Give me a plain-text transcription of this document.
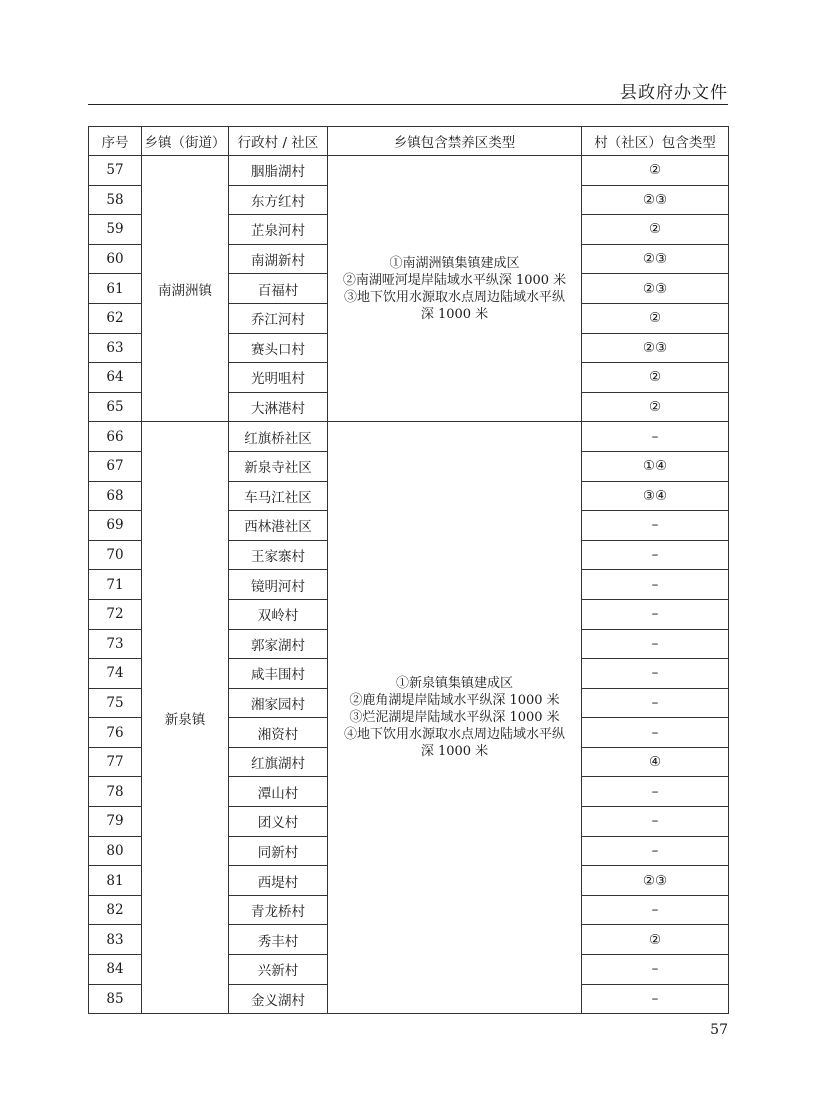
县政府办文件
序号	乡镇（街道）	行政村 / 社区	乡镇包含禁养区类型	村（社区）包含类型
57	南湖洲镇	胭脂湖村	①南湖洲镇集镇建成区
②南湖哑河堤岸陆域水平纵深 1000 米
③地下饮用水源取水点周边陆域水平纵
深 1000 米	②
58		东方红村		②③
59		芷泉河村		②
60		南湖新村		②③
61		百福村		②③
62		乔江河村		②
63		赛头口村		②③
64		光明咀村		②
65		大淋港村		②
66	新泉镇	红旗桥社区	①新泉镇集镇建成区
②鹿角湖堤岸陆域水平纵深 1000 米
③烂泥湖堤岸陆域水平纵深 1000 米
④地下饮用水源取水点周边陆域水平纵
深 1000 米	–
67		新泉寺社区		①④
68		车马江社区		③④
69		西林港社区		–
70		王家寨村		–
71		镜明河村		–
72		双岭村		–
73		郭家湖村		–
74		咸丰围村		–
75		湘家园村		–
76		湘资村		–
77		红旗湖村		④
78		潭山村		–
79		团义村		–
80		同新村		–
81		西堤村		②③
82		青龙桥村		–
83		秀丰村		②
84		兴新村		–
85		金义湖村		–
57
